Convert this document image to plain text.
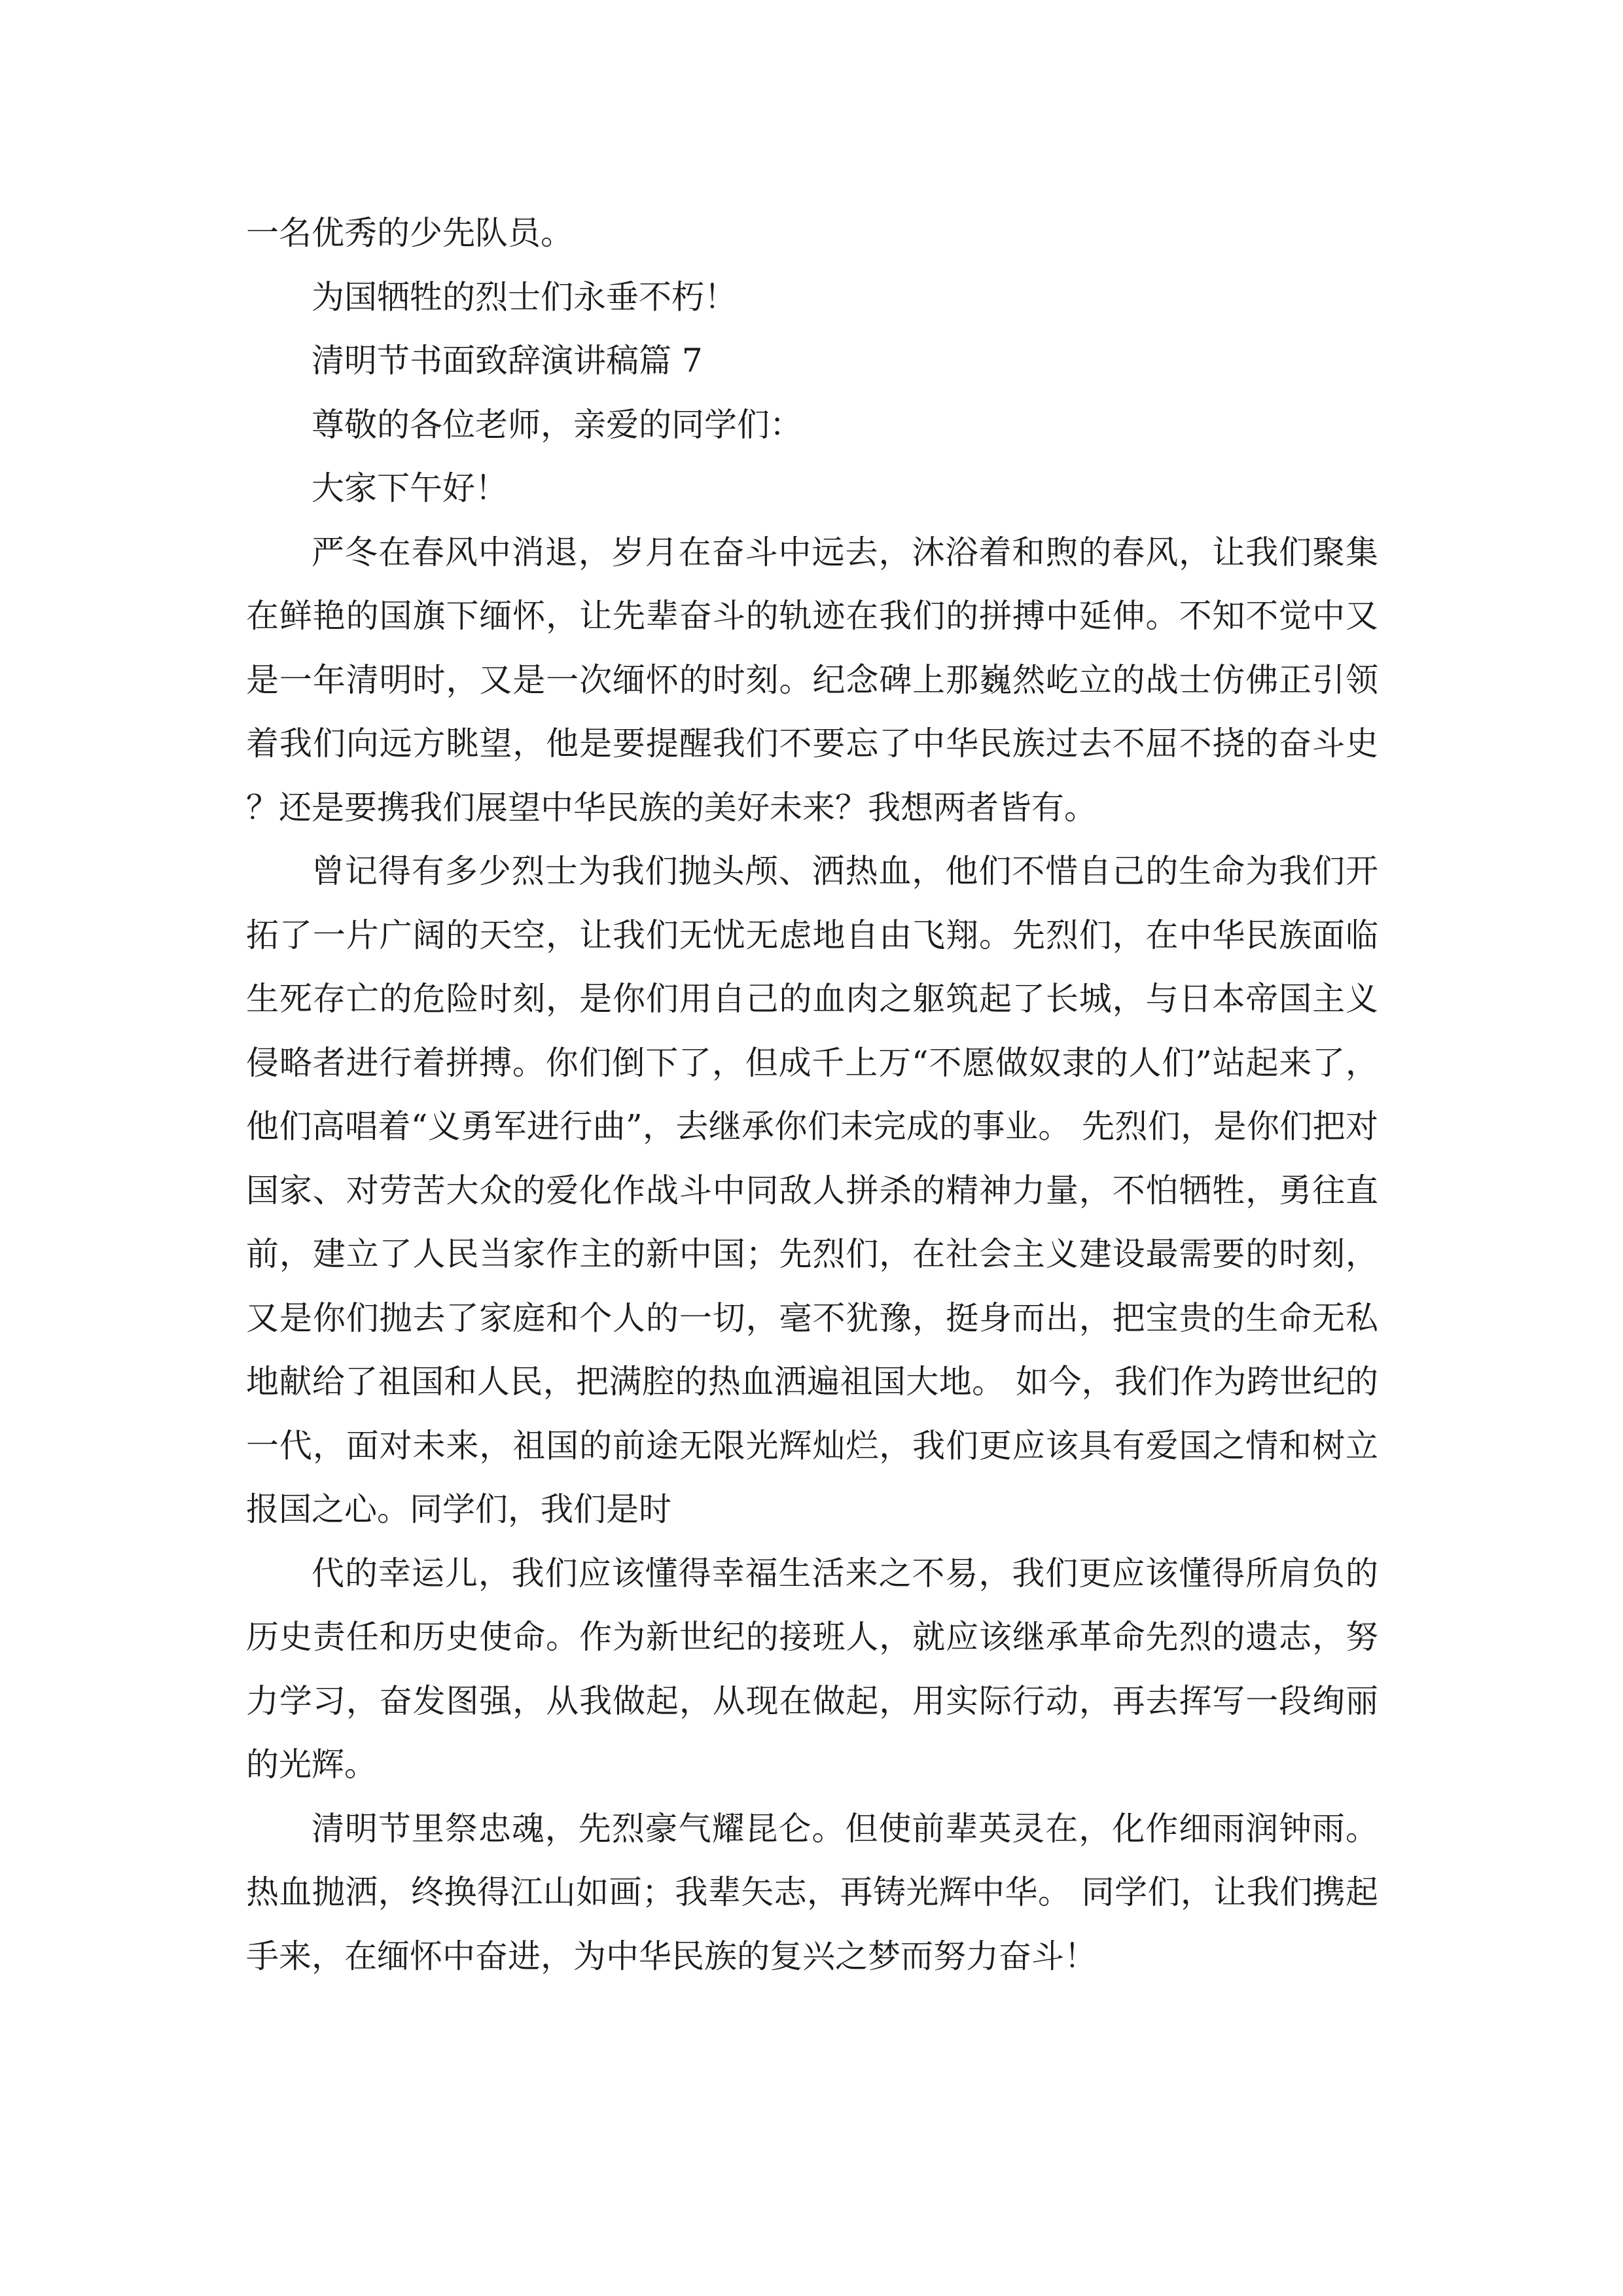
一名优秀的少先队员。

为国牺牲的烈士们永垂不朽！

清明节书面致辞演讲稿篇 7

尊敬的各位老师，亲爱的同学们：

大家下午好！

严冬在春风中消退，岁月在奋斗中远去，沐浴着和煦的春风，让我们聚集在鲜艳的国旗下缅怀，让先辈奋斗的轨迹在我们的拼搏中延伸。不知不觉中又是一年清明时，又是一次缅怀的时刻。纪念碑上那巍然屹立的战士仿佛正引领着我们向远方眺望，他是要提醒我们不要忘了中华民族过去不屈不挠的奋斗史？还是要携我们展望中华民族的美好未来？我想两者皆有。

曾记得有多少烈士为我们抛头颅、洒热血，他们不惜自己的生命为我们开拓了一片广阔的天空，让我们无忧无虑地自由飞翔。先烈们，在中华民族面临生死存亡的危险时刻，是你们用自己的血肉之躯筑起了长城，与日本帝国主义侵略者进行着拼搏。你们倒下了，但成千上万“不愿做奴隶的人们”站起来了，他们高唱着“义勇军进行曲”，去继承你们未完成的事业。 先烈们，是你们把对国家、对劳苦大众的爱化作战斗中同敌人拼杀的精神力量，不怕牺牲，勇往直前，建立了人民当家作主的新中国；先烈们，在社会主义建设最需要的时刻，又是你们抛去了家庭和个人的一切，毫不犹豫，挺身而出，把宝贵的生命无私地献给了祖国和人民，把满腔的热血洒遍祖国大地。 如今，我们作为跨世纪的一代，面对未来，祖国的前途无限光辉灿烂，我们更应该具有爱国之情和树立报国之心。同学们，我们是时

代的幸运儿，我们应该懂得幸福生活来之不易，我们更应该懂得所肩负的历史责任和历史使命。作为新世纪的接班人，就应该继承革命先烈的遗志，努力学习，奋发图强，从我做起，从现在做起，用实际行动，再去挥写一段绚丽的光辉。

清明节里祭忠魂，先烈豪气耀昆仑。但使前辈英灵在，化作细雨润钟雨。热血抛洒，终换得江山如画；我辈矢志，再铸光辉中华。 同学们，让我们携起手来，在缅怀中奋进，为中华民族的复兴之梦而努力奋斗！
